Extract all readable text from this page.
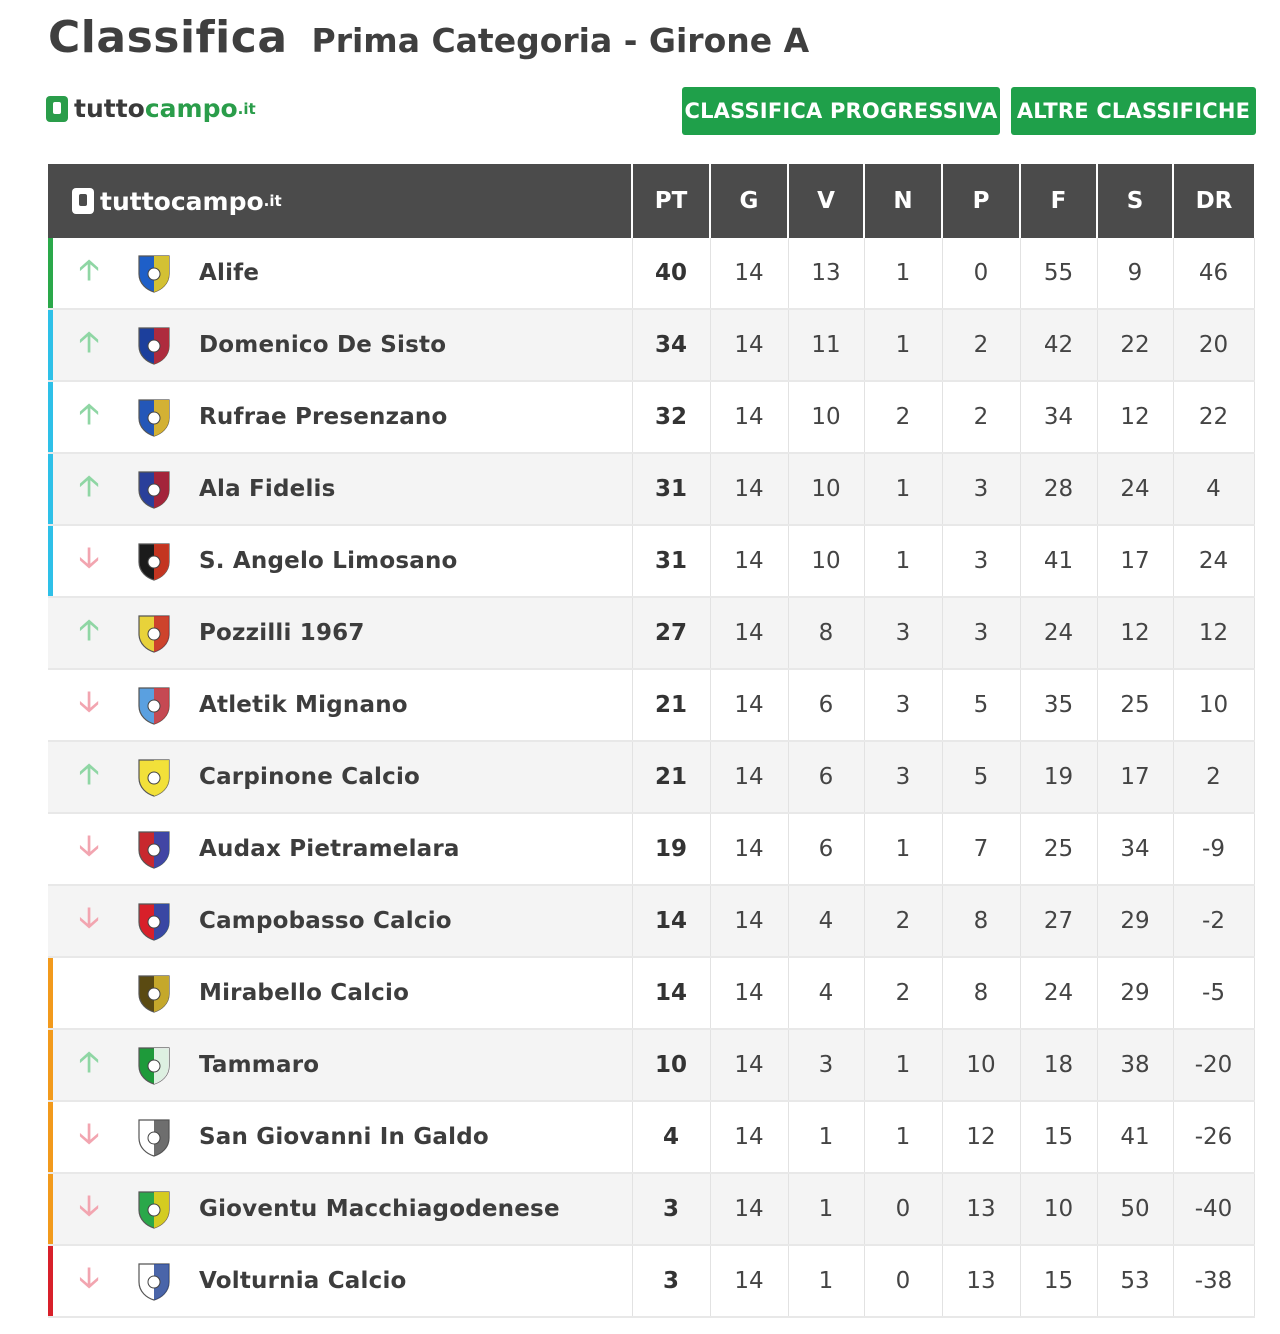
Classifica Prima Categoria - Girone A
tutto campo .it	CLASSIFICA PROGRESSIVA ALTRE CLASSIFICHE
tuttocampo .it	PT	G	V	N	P	F	S	DR

🡡 Alife	40	14	13	1	0	55	9	46

🡡 Domenico De Sisto	34	14	11	1	2	42	22	20

🡡 Rufrae Presenzano	32	14	10	2	2	34	12	22

🡡 Ala Fidelis	31	14	10	1	3	28	24	4

🡣 S. Angelo Limosano	31	14	10	1	3	41	17	24

🡡 Pozzilli 1967	27	14	8	3	3	24	12	12

🡣 Atletik Mignano	21	14	6	3	5	35	25	10

🡡 Carpinone Calcio	21	14	6	3	5	19	17	2

🡣 Audax Pietramelara	19	14	6	1	7	25	34	-9

🡣 Campobasso Calcio	14	14	4	2	8	27	29	-2

Mirabello Calcio	14	14	4	2	8	24	29	-5

🡡 Tammaro	10	14	3	1	10	18	38	-20

🡣 San Giovanni In Galdo	4	14	1	1	12	15	41	-26

🡣 Gioventu Macchiagodenese	3	14	1	0	13	10	50	-40

🡣 Volturnia Calcio	3	14	1	0	13	15	53	-38
